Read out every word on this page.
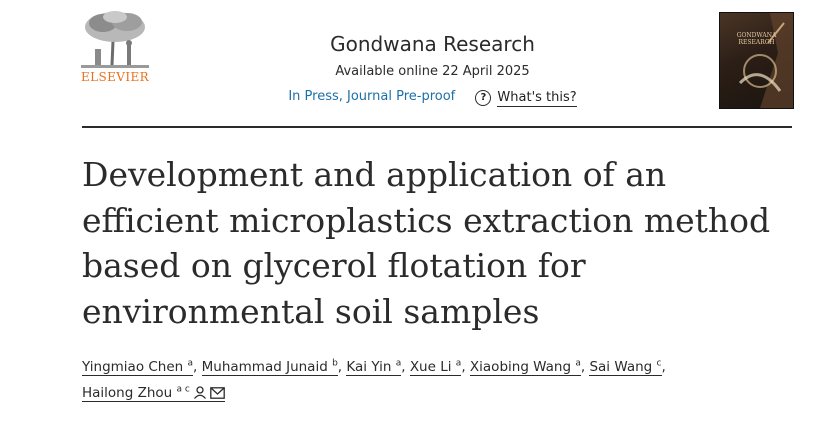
ELSEVIER
Gondwana Research
Available online 22 April 2025
In Press, Journal Pre-proof	? What's this?
GONDWANA RESEARCH
Development and application of an efficient microplastics extraction method based on glycerol flotation for environmental soil samples
Yingmiao Chen $^a$, Muhammad Junaid $^b$, Kai Yin $^a$, Xue Li $^a$, Xiaobing Wang $^a$, Sai Wang $^c$,
Hailong Zhou $^{a c}$
